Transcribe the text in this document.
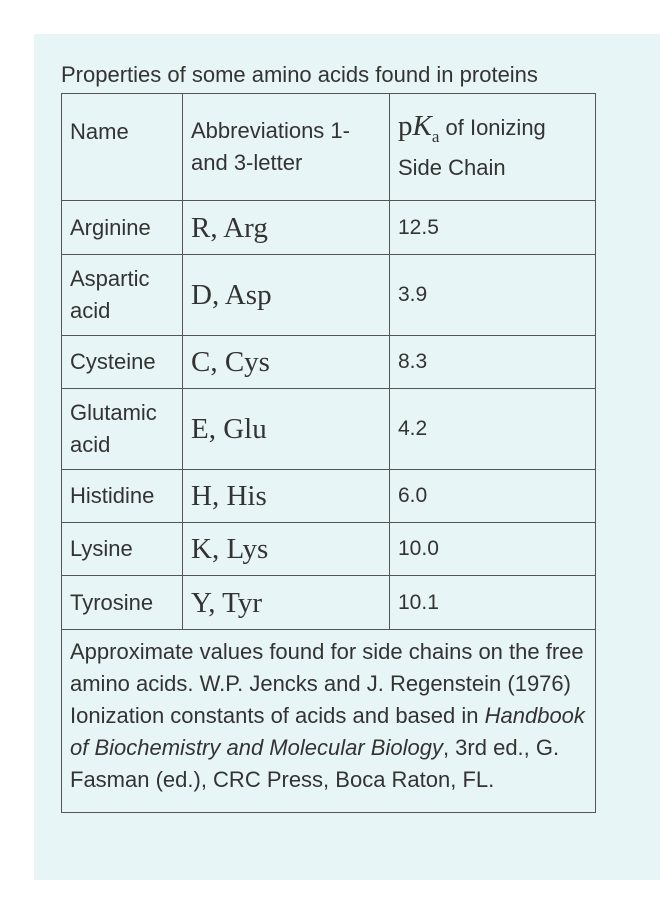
Properties of some amino acids found in proteins
Name	Abbreviations 1- and 3-letter	$pK_a$ of Ionizing Side Chain
Arginine	R, Arg	12.5
Aspartic acid	D, Asp	3.9
Cysteine	C, Cys	8.3
Glutamic acid	E, Glu	4.2
Histidine	H, His	6.0
Lysine	K, Lys	10.0
Tyrosine	Y, Tyr	10.1
Approximate values found for side chains on the free amino acids. W.P. Jencks and J. Regenstein (1976) Ionization constants of acids and based in Handbook of Biochemistry and Molecular Biology, 3rd ed., G. Fasman (ed.), CRC Press, Boca Raton, FL.		
